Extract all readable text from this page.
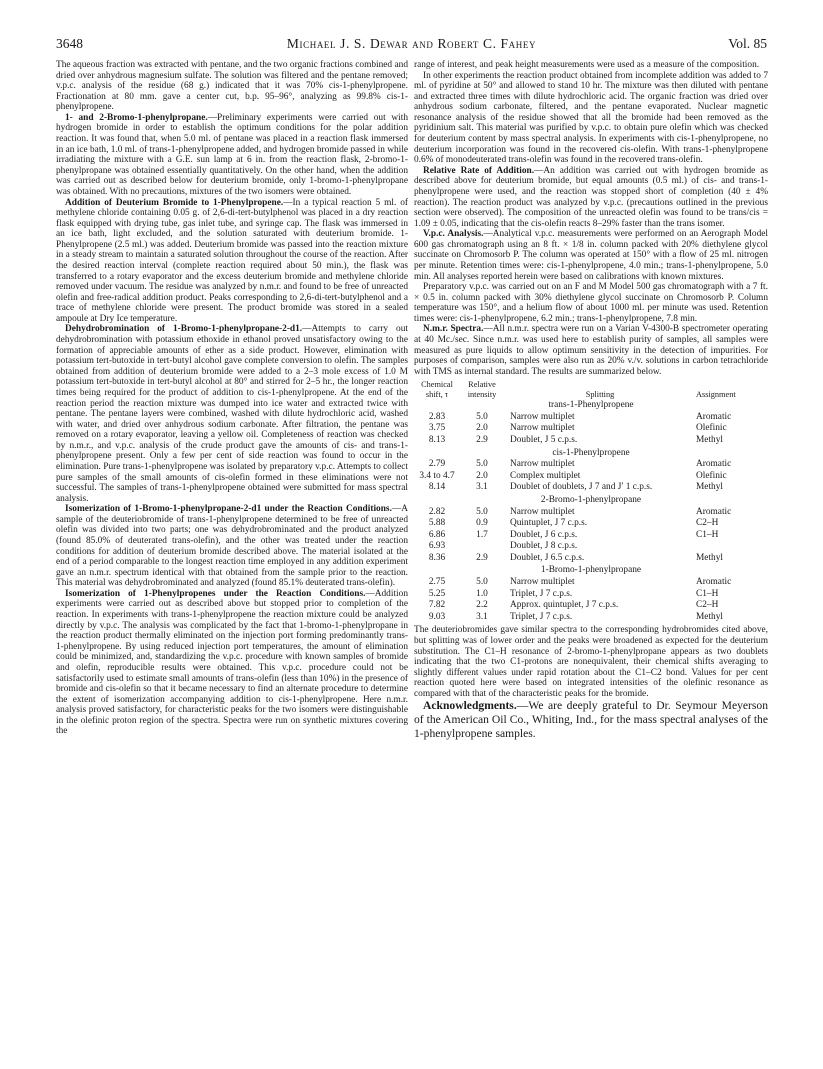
3648	Michael J. S. Dewar and Robert C. Fahey	Vol. 85

The aqueous fraction was extracted with pentane, and the two organic fractions combined and dried over anhydrous magnesium sulfate. The solution was filtered and the pentane removed; v.p.c. analysis of the residue (68 g.) indicated that it was 70% cis-1-phenylpropene. Fractionation at 80 mm. gave a center cut, b.p. 95–96°, analyzing as 99.8% cis-1-phenylpropene.

1- and 2-Bromo-1-phenylpropane.—Preliminary experiments were carried out with hydrogen bromide in order to establish the optimum conditions for the polar addition reaction. It was found that, when 5.0 ml. of pentane was placed in a reaction flask immersed in an ice bath, 1.0 ml. of trans-1-phenylpropene added, and hydrogen bromide passed in while irradiating the mixture with a G.E. sun lamp at 6 in. from the reaction flask, 2-bromo-1-phenylpropane was obtained essentially quantitatively. On the other hand, when the addition was carried out as described below for deuterium bromide, only 1-bromo-1-phenylpropane was obtained. With no precautions, mixtures of the two isomers were obtained.

Addition of Deuterium Bromide to 1-Phenylpropene.—In a typical reaction 5 ml. of methylene chloride containing 0.05 g. of 2,6-di-tert-butylphenol was placed in a dry reaction flask equipped with drying tube, gas inlet tube, and syringe cap. The flask was immersed in an ice bath, light excluded, and the solution saturated with deuterium bromide. 1-Phenylpropene (2.5 ml.) was added. Deuterium bromide was passed into the reaction mixture in a steady stream to maintain a saturated solution throughout the course of the reaction. After the desired reaction interval (complete reaction required about 50 min.), the flask was transferred to a rotary evaporator and the excess deuterium bromide and methylene chloride removed under vacuum. The residue was analyzed by n.m.r. and found to be free of unreacted olefin and free-radical addition product. Peaks corresponding to 2,6-di-tert-butylphenol and a trace of methylene chloride were present. The product bromide was stored in a sealed ampoule at Dry Ice temperature.

Dehydrobromination of 1-Bromo-1-phenylpropane-2-d1.—Attempts to carry out dehydrobromination with potassium ethoxide in ethanol proved unsatisfactory owing to the formation of appreciable amounts of ether as a side product. However, elimination with potassium tert-butoxide in tert-butyl alcohol gave complete conversion to olefin. The samples obtained from addition of deuterium bromide were added to a 2–3 mole excess of 1.0 M potassium tert-butoxide in tert-butyl alcohol at 80° and stirred for 2–5 hr., the longer reaction times being required for the product of addition to cis-1-phenylpropene. At the end of the reaction period the reaction mixture was dumped into ice water and extracted twice with pentane. The pentane layers were combined, washed with dilute hydrochloric acid, washed with water, and dried over anhydrous sodium carbonate. After filtration, the pentane was removed on a rotary evaporator, leaving a yellow oil. Completeness of reaction was checked by n.m.r., and v.p.c. analysis of the crude product gave the amounts of cis- and trans-1-phenylpropene present. Only a few per cent of side reaction was found to occur in the elimination. Pure trans-1-phenylpropene was isolated by preparatory v.p.c. Attempts to collect pure samples of the small amounts of cis-olefin formed in these eliminations were not successful. The samples of trans-1-phenylpropene obtained were submitted for mass spectral analysis.

Isomerization of 1-Bromo-1-phenylpropane-2-d1 under the Reaction Conditions.—A sample of the deuteriobromide of trans-1-phenylpropene determined to be free of unreacted olefin was divided into two parts; one was dehydrobrominated and the product analyzed (found 85.0% of deuterated trans-olefin), and the other was treated under the reaction conditions for addition of deuterium bromide described above. The material isolated at the end of a period comparable to the longest reaction time employed in any addition experiment gave an n.m.r. spectrum identical with that obtained from the sample prior to the reaction. This material was dehydrobrominated and analyzed (found 85.1% deuterated trans-olefin).

Isomerization of 1-Phenylpropenes under the Reaction Conditions.—Addition experiments were carried out as described above but stopped prior to completion of the reaction. In experiments with trans-1-phenylpropene the reaction mixture could be analyzed directly by v.p.c. The analysis was complicated by the fact that 1-bromo-1-phenylpropane in the reaction product thermally eliminated on the injection port forming predominantly trans-1-phenylpropene. By using reduced injection port temperatures, the amount of elimination could be minimized, and, standardizing the v.p.c. procedure with known samples of bromide and olefin, reproducible results were obtained. This v.p.c. procedure could not be satisfactorily used to estimate small amounts of trans-olefin (less than 10%) in the presence of bromide and cis-olefin so that it became necessary to find an alternate procedure to determine the extent of isomerization accompanying addition to cis-1-phenylpropene. Here n.m.r. analysis proved satisfactory, for characteristic peaks for the two isomers were distinguishable in the olefinic proton region of the spectra. Spectra were run on synthetic mixtures covering the

range of interest, and peak height measurements were used as a measure of the composition.

In other experiments the reaction product obtained from incomplete addition was added to 7 ml. of pyridine at 50° and allowed to stand 10 hr. The mixture was then diluted with pentane and extracted three times with dilute hydrochloric acid. The organic fraction was dried over anhydrous sodium carbonate, filtered, and the pentane evaporated. Nuclear magnetic resonance analysis of the residue showed that all the bromide had been removed as the pyridinium salt. This material was purified by v.p.c. to obtain pure olefin which was checked for deuterium content by mass spectral analysis. In experiments with cis-1-phenylpropene, no deuterium incorporation was found in the recovered cis-olefin. With trans-1-phenylpropene 0.6% of monodeuterated trans-olefin was found in the recovered trans-olefin.

Relative Rate of Addition.—An addition was carried out with hydrogen bromide as described above for deuterium bromide, but equal amounts (0.5 ml.) of cis- and trans-1-phenylpropene were used, and the reaction was stopped short of completion (40 ± 4% reaction). The reaction product was analyzed by v.p.c. (precautions outlined in the previous section were observed). The composition of the unreacted olefin was found to be trans/cis = 1.09 ± 0.05, indicating that the cis-olefin reacts 8–29% faster than the trans isomer.

V.p.c. Analysis.—Analytical v.p.c. measurements were performed on an Aerograph Model 600 gas chromatograph using an 8 ft. × 1/8 in. column packed with 20% diethylene glycol succinate on Chromosorb P. The column was operated at 150° with a flow of 25 ml. nitrogen per minute. Retention times were: cis-1-phenylpropene, 4.0 min.; trans-1-phenylpropene, 5.0 min. All analyses reported herein were based on calibrations with known mixtures.

Preparatory v.p.c. was carried out on an F and M Model 500 gas chromatograph with a 7 ft. × 0.5 in. column packed with 30% diethylene glycol succinate on Chromosorb P. Column temperature was 150°, and a helium flow of about 1000 ml. per minute was used. Retention times were: cis-1-phenylpropene, 6.2 min.; trans-1-phenylpropene, 7.8 min.

N.m.r. Spectra.—All n.m.r. spectra were run on a Varian V-4300-B spectrometer operating at 40 Mc./sec. Since n.m.r. was used here to establish purity of samples, all samples were measured as pure liquids to allow optimum sensitivity in the detection of impurities. For purposes of comparison, samples were also run as 20% v./v. solutions in carbon tetrachloride with TMS as internal standard. The results are summarized below.

Chemical shift, τ	Relative intensity	Splitting	Assignment
trans-1-Phenylpropene			
2.83	5.0	Narrow multiplet	Aromatic
3.75	2.0	Narrow multiplet	Olefinic
8.13	2.9	Doublet, J 5 c.p.s.	Methyl
cis-1-Phenylpropene			
2.79	5.0	Narrow multiplet	Aromatic
3.4 to 4.7	2.0	Complex multiplet	Olefinic
8.14	3.1	Doublet of doublets, J 7 and J′ 1 c.p.s.	Methyl
2-Bromo-1-phenylpropane			
2.82	5.0	Narrow multiplet	Aromatic
5.88	0.9	Quintuplet, J 7 c.p.s.	C2–H
6.86	1.7	Doublet, J 6 c.p.s.	C1–H
6.93		Doublet, J 8 c.p.s.	
8.36	2.9	Doublet, J 6.5 c.p.s.	Methyl
1-Bromo-1-phenylpropane			
2.75	5.0	Narrow multiplet	Aromatic
5.25	1.0	Triplet, J 7 c.p.s.	C1–H
7.82	2.2	Approx. quintuplet, J 7 c.p.s.	C2–H
9.03	3.1	Triplet, J 7 c.p.s.	Methyl

The deuteriobromides gave similar spectra to the corresponding hydrobromides cited above, but splitting was of lower order and the peaks were broadened as expected for the deuterium substitution. The C1–H resonance of 2-bromo-1-phenylpropane appears as two doublets indicating that the two C1-protons are nonequivalent, their chemical shifts averaging to slightly different values under rapid rotation about the C1–C2 bond. Values for per cent reaction quoted here were based on integrated intensities of the olefinic resonance as compared with that of the characteristic peaks for the bromide.

Acknowledgments.—We are deeply grateful to Dr. Seymour Meyerson of the American Oil Co., Whiting, Ind., for the mass spectral analyses of the 1-phenylpropene samples.
